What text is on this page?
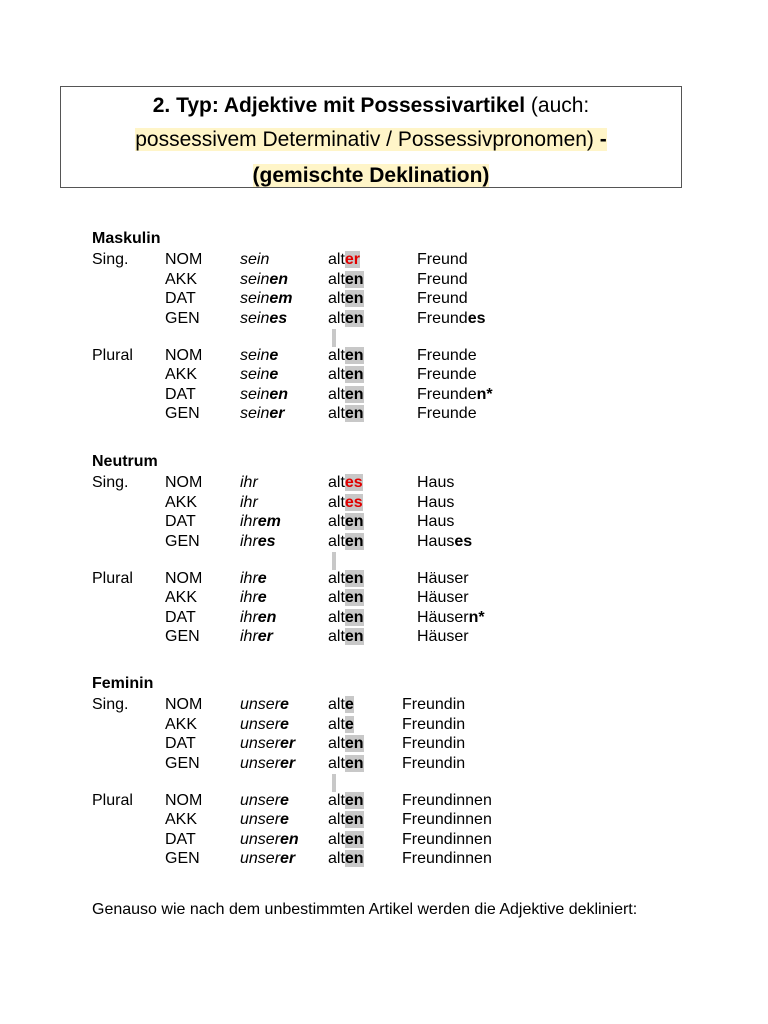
2. Typ: Adjektive mit Possessivartikel (auch:
possessivem Determinativ / Possessivpronomen) -
(gemischte Deklination)
Maskulin
Sing. NOM sein	alter	Freund
AKK	seinen alten	Freund
DAT	seinem alten	Freund
GEN	seines	alten	Freundes
Plural NOM seine	alten	Freunde
AKK	seine	alten	Freunde
DAT	seinen alten	Freunden*
GEN	seiner	alten	Freunde
Neutrum
Sing. NOM ihr	altes	Haus
AKK	ihr	altes	Haus
DAT	ihrem	alten	Haus
GEN	ihres	alten	Hauses
Plural NOM ihre	alten	Häuser
AKK	ihre	alten	Häuser
DAT	ihren	alten	Häusern*
GEN	ihrer	alten	Häuser
Feminin
Sing. NOM unsere alte	Freundin
AKK	unsere alte	Freundin
DAT	unserer alten Freundin
GEN	unserer alten Freundin
Plural NOM unsere alten Freundinnen
AKK	unsere alten Freundinnen
DAT	unseren alten Freundinnen
GEN	unserer alten Freundinnen
Genauso wie nach dem unbestimmten Artikel werden die Adjektive dekliniert:
